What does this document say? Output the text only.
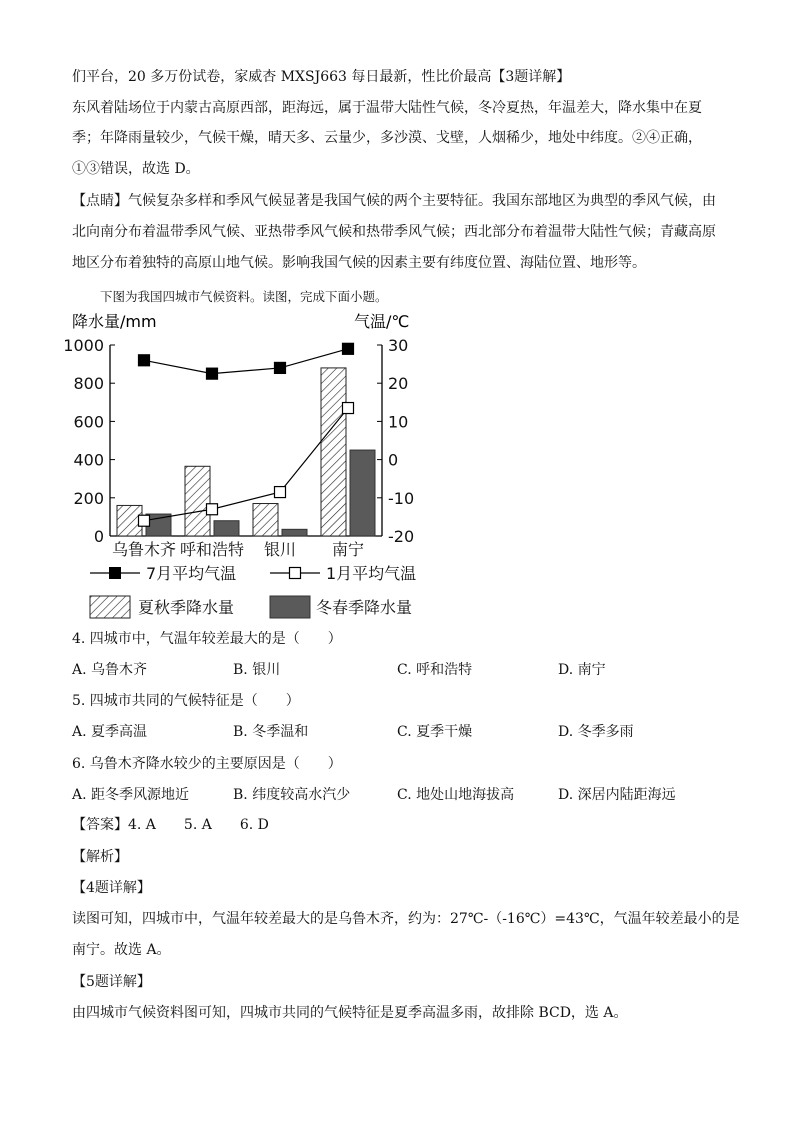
们平台，20 多万份试卷，家威杏 MXSJ663 每日最新，性比价最高【3题详解】
东风着陆场位于内蒙古高原西部，距海远，属于温带大陆性气候，冬冷夏热，年温差大，降水集中在夏
季；年降雨量较少，气候干燥，晴天多、云量少，多沙漠、戈壁，人烟稀少，地处中纬度。②④正确，
①③错误，故选 D。
【点睛】气候复杂多样和季风气候显著是我国气候的两个主要特征。我国东部地区为典型的季风气候，由
北向南分布着温带季风气候、亚热带季风气候和热带季风气候；西北部分布着温带大陆性气候；青藏高原
地区分布着独特的高原山地气候。影响我国气候的因素主要有纬度位置、海陆位置、地形等。
下图为我国四城市气候资料。读图，完成下面小题。
降水量/mm	气温/℃
0
200
400
600
800
1000
-20
-10
0
10
20
30
乌鲁木齐 呼和浩特 银川 南宁
7月平均气温	1月平均气温
夏秋季降水量	冬春季降水量
4. 四城市中，气温年较差最大的是（　　）
A. 乌鲁木齐	B. 银川	C. 呼和浩特	D. 南宁
5. 四城市共同的气候特征是（　　）
A. 夏季高温	B. 冬季温和	C. 夏季干燥	D. 冬季多雨
6. 乌鲁木齐降水较少的主要原因是（　　）
A. 距冬季风源地近	B. 纬度较高水汽少	C. 地处山地海拔高	D. 深居内陆距海远
【答案】4. A　　5. A　　6. D
【解析】
【4题详解】
读图可知，四城市中，气温年较差最大的是乌鲁木齐，约为：27℃-（-16℃）=43℃，气温年较差最小的是
南宁。故选 A。
【5题详解】
由四城市气候资料图可知，四城市共同的气候特征是夏季高温多雨，故排除 BCD，选 A。
